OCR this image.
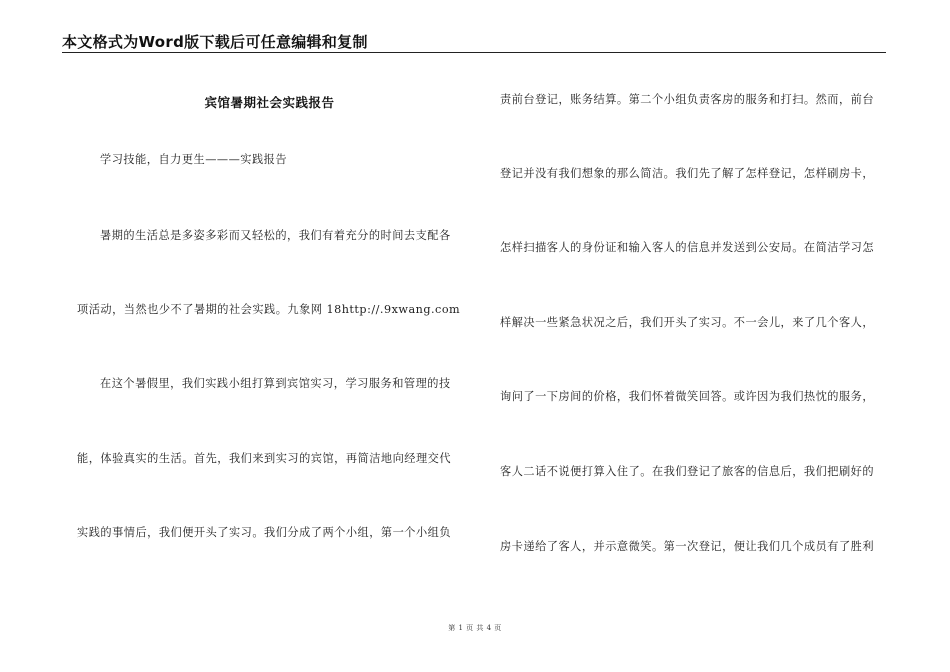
本文格式为Word版下载后可任意编辑和复制
宾馆暑期社会实践报告
学习技能，自力更生———实践报告
暑期的生活总是多姿多彩而又轻松的，我们有着充分的时间去支配各
项活动，当然也少不了暑期的社会实践。九象网 18http://.9xwang.com
在这个暑假里，我们实践小组打算到宾馆实习，学习服务和管理的技
能，体验真实的生活。首先，我们来到实习的宾馆，再简洁地向经理交代
实践的事情后，我们便开头了实习。我们分成了两个小组，第一个小组负
责前台登记，账务结算。第二个小组负责客房的服务和打扫。然而，前台
登记并没有我们想象的那么简洁。我们先了解了怎样登记，怎样刷房卡，
怎样扫描客人的身份证和输入客人的信息并发送到公安局。在简洁学习怎
样解决一些紧急状况之后，我们开头了实习。不一会儿，来了几个客人，
询问了一下房间的价格，我们怀着微笑回答。或许因为我们热忱的服务，
客人二话不说便打算入住了。在我们登记了旅客的信息后，我们把刷好的
房卡递给了客人，并示意微笑。第一次登记，便让我们几个成员有了胜利
第 1 页 共 4 页
